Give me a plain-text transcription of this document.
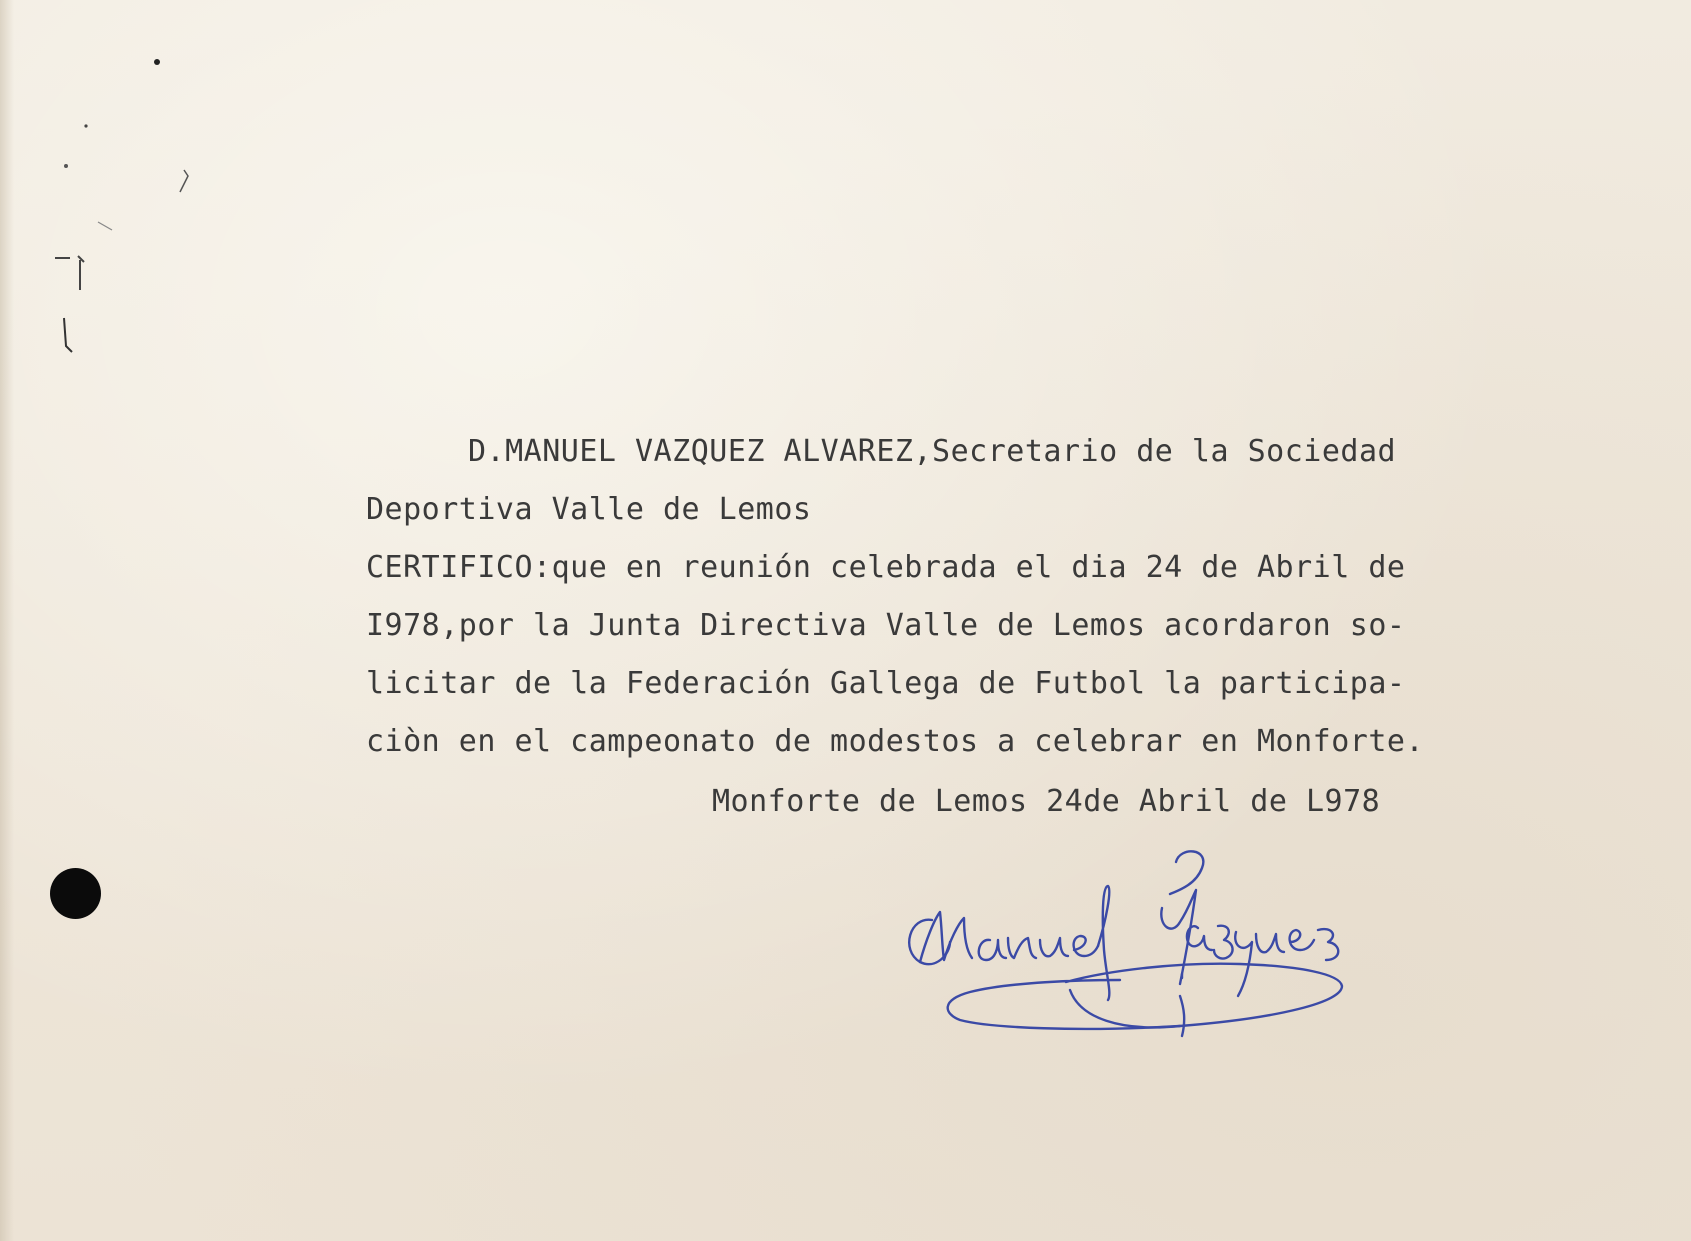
D.MANUEL VAZQUEZ ALVAREZ,Secretario de la Sociedad
Deportiva Valle de Lemos
CERTIFICO:que en reunión celebrada el dia 24 de Abril de
I978,por la Junta Directiva Valle de Lemos acordaron so-
licitar de la Federación Gallega de Futbol la participa-
ciòn en el campeonato de modestos a celebrar en Monforte.
Monforte de Lemos 24de Abril de L978
